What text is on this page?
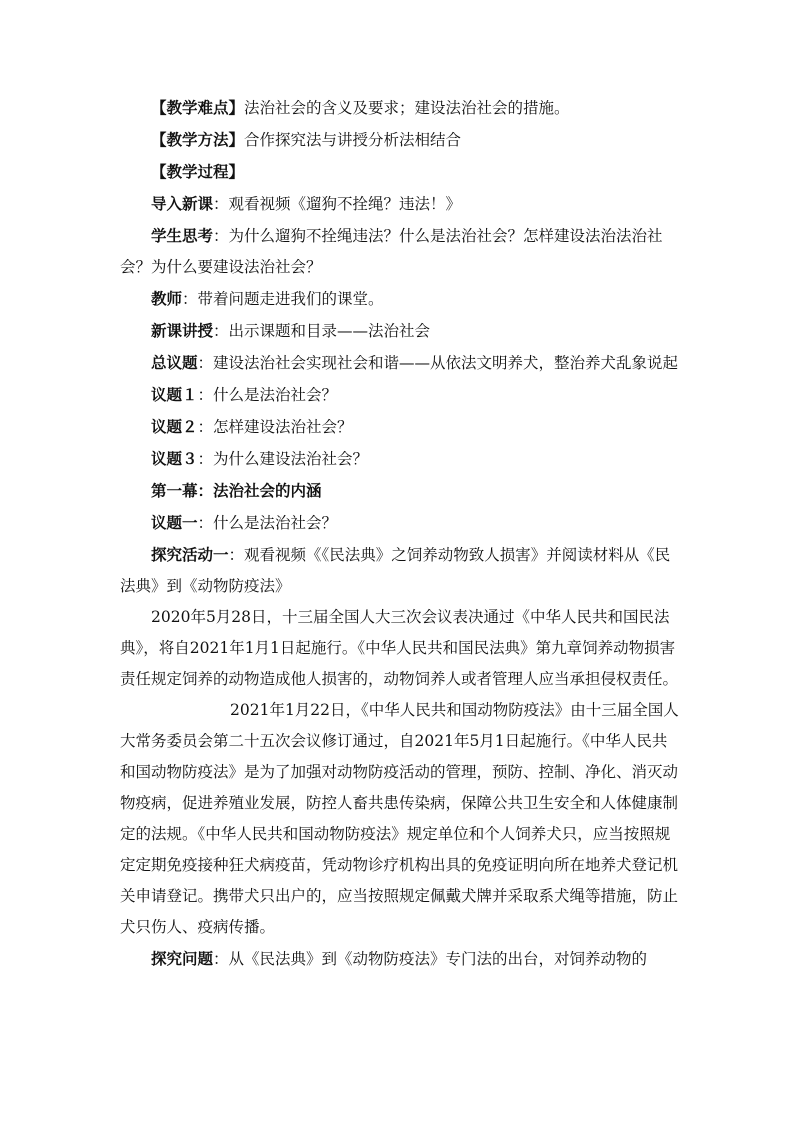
【教学难点】法治社会的含义及要求；建设法治社会的措施。

【教学方法】合作探究法与讲授分析法相结合

【教学过程】

导入新课：观看视频《遛狗不拴绳？违法！》

学生思考：为什么遛狗不拴绳违法？什么是法治社会？怎样建设法治法治社会？为什么要建设法治社会？

教师：带着问题走进我们的课堂。

新课讲授：出示课题和目录——法治社会

总议题：建设法治社会实现社会和谐——从依法文明养犬，整治养犬乱象说起

议题１：什么是法治社会？

议题２：怎样建设法治社会？

议题３：为什么建设法治社会？

第一幕：法治社会的内涵

议题一：什么是法治社会？

探究活动一：观看视频《《民法典》之饲养动物致人损害》并阅读材料从《民法典》到《动物防疫法》

2020年5月28日，十三届全国人大三次会议表决通过《中华人民共和国民法典》，将自2021年1月1日起施行。《中华人民共和国民法典》第九章饲养动物损害责任规定饲养的动物造成他人损害的，动物饲养人或者管理人应当承担侵权责任。

2021年1月22日，《中华人民共和国动物防疫法》由十三届全国人大常务委员会第二十五次会议修订通过，自2021年5月1日起施行。《中华人民共和国动物防疫法》是为了加强对动物防疫活动的管理，预防、控制、净化、消灭动物疫病，促进养殖业发展，防控人畜共患传染病，保障公共卫生安全和人体健康制定的法规。《中华人民共和国动物防疫法》规定单位和个人饲养犬只，应当按照规定定期免疫接种狂犬病疫苗，凭动物诊疗机构出具的免疫证明向所在地养犬登记机关申请登记。携带犬只出户的，应当按照规定佩戴犬牌并采取系犬绳等措施，防止犬只伤人、疫病传播。

探究问题：从《民法典》到《动物防疫法》专门法的出台，对饲养动物的
